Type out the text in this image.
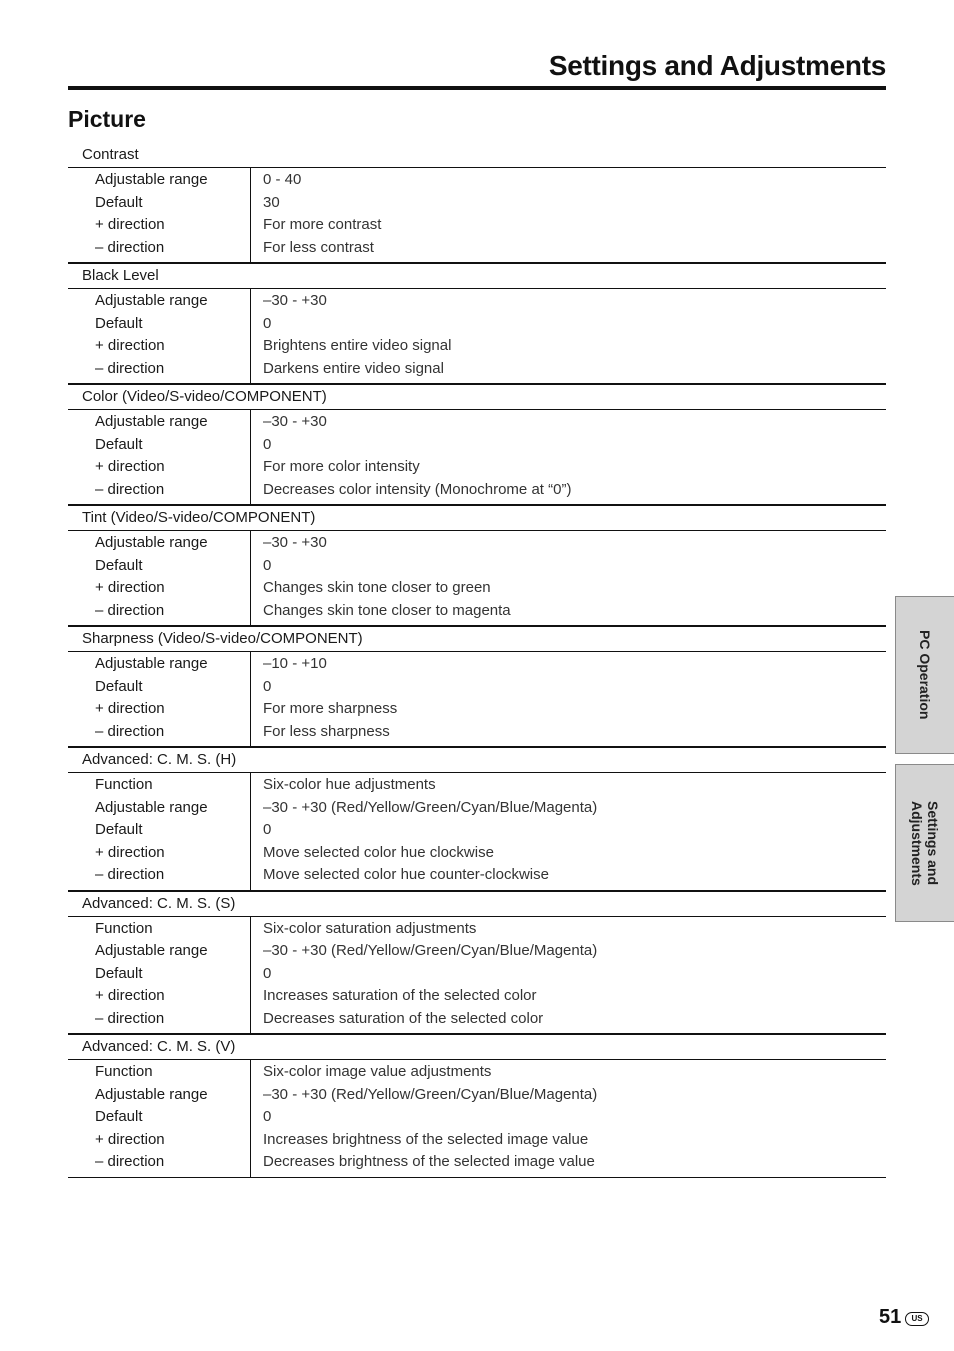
Settings and Adjustments
Picture
Contrast
Adjustable range	0 - 40
Default	30
+ direction	For more contrast
– direction	For less contrast
Black Level
Adjustable range	–30 - +30
Default	0
+ direction	Brightens entire video signal
– direction	Darkens entire video signal
Color (Video/S-video/COMPONENT)
Adjustable range	–30 - +30
Default	0
+ direction	For more color intensity
– direction	Decreases color intensity (Monochrome at “0”)
Tint (Video/S-video/COMPONENT)
Adjustable range	–30 - +30
Default	0
+ direction	Changes skin tone closer to green
– direction	Changes skin tone closer to magenta
Sharpness (Video/S-video/COMPONENT)
Adjustable range	–10 - +10
Default	0
+ direction	For more sharpness
– direction	For less sharpness
Advanced: C. M. S. (H)
Function	Six-color hue adjustments
Adjustable range	–30 - +30 (Red/Yellow/Green/Cyan/Blue/Magenta)
Default	0
+ direction	Move selected color hue clockwise
– direction	Move selected color hue counter-clockwise
Advanced: C. M. S. (S)
Function	Six-color saturation adjustments
Adjustable range	–30 - +30 (Red/Yellow/Green/Cyan/Blue/Magenta)
Default	0
+ direction	Increases saturation of the selected color
– direction	Decreases saturation of the selected color
Advanced: C. M. S. (V)
Function	Six-color image value adjustments
Adjustable range	–30 - +30 (Red/Yellow/Green/Cyan/Blue/Magenta)
Default	0
+ direction	Increases brightness of the selected image value
– direction	Decreases brightness of the selected image value
PC Operation
Settings and
Adjustments
51	US
